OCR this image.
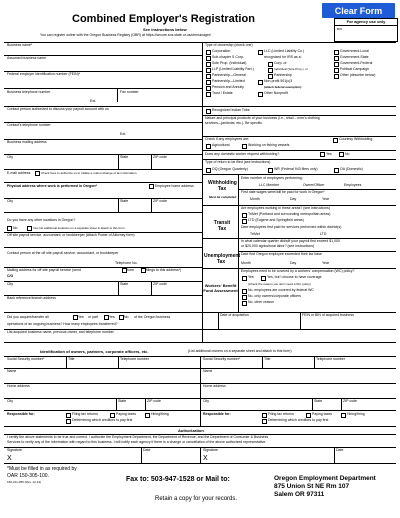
Combined Employer's Registration
See instructions below
You can register online with the Oregon Business Registry (OBR) at https://secure.sos.state.or.us/cbrmanager/
Clear Form
For agency use only
BIN
Business name*
Assumed business name
Federal employer identification number (FEIN)*
Business telephone number	Fax number
Ext.
Contact person authorized to discuss your payroll account with us
Contact's telephone number
Ext.
Business mailing address
City	State	ZIP code
E-mail address	Check here to authorize us to initiate e-mail exchange of tax information.
Physical address where work is performed in Oregon*	Employee home address
City	State	ZIP code
Do you have any other locations in Oregon?
No	Yes; list additional locations on a separate sheet & attach to this form
Off site payroll service, accountant, or bookkeeper (Attach Power of Attorney form)
Contact person at the off site payroll service, accountant, or bookkeeper
Telephone No.
Mailing address for off site payroll service (send	form	filings to this address*)
C/O
City	State	ZIP code
Bank reference/branch address
Did you acquire/transfer all	Yes or part	Yes	No of the Oregon business
operations of an ongoing business? How many employees transferred?
Date of acquisition	FEIN or BIN of acquired business
List acquired business name, previous owner, and telephone number
Type of ownership (check one)
Corporation
Sub-chapter S Corp.
Sole Prop. (Individual)
LLP (Limited Liability Part.)
Partnership—General
Partnership—Limited
Pension and Annuity
Trust / Estate
LLC (Limited Liability Co.)
recognized for IRS as a:
Corp. or
Individual (Sole Prop.), or
Partnership
Non-profit 501(c)3
(attach federal exemption)
Other Nonprofit
Government-Local
Government-State
Government-Federal
Political Campaign
Other (describe below)
Recognized Indian Tribe
Nature and principal products of your business (i.e., retail – men's clothing
services—janitorial, etc.). Be specific.
Check if any employees are:	Courtesy Withholding
Agricultural	Working on fishing vessels
Does any domestic worker request withholding?	Yes	No
Type of return to be filed (see instructions)
OQ (Oregon Quarterly)	WR (Federal 943 filers only)	OA (Domestic)
Withholding Tax
Must be completed
Enter number of employees performing:
LLC Member	Owner/Officer	Employees
First date wages were/will be paid for work in Oregon*
Month	Day	Year
Transit Tax
Are employees working in these areas? (see instructions)
TriMet (Portland and surrounding metropolitan areas)
LTD (Eugene and Springfield areas)
Date employees first paid for services performed within district(s)
TriMet	LTD
Unemployment Tax
In what calendar quarter did/will your payroll first exceed $1,000
or $20,000 agricultural labor? (see instructions)
Date first Oregon employee exceeded their tax base
Month	Day	Year
Workers' Benefit Fund Assessment
Employees need to be covered by a workers' compensation (WC) policy?
Yes	Yes, but I choose to have coverage
(Check the reason you don't need a WC policy)
No, employees are covered by federal WC
No, only owners/corporate officers
No, other reason
Identification of owners, partners, corporate officers, etc.	(List additional owners on a separate sheet and attach to this form)
Social Security number*	Title	Telephone number
Name
Home address
City	State	ZIP code
Social Security number*	Title	Telephone number
Name
Home address
City	State	ZIP code
Responsible for:	Filing tax returns	Paying taxes	Hiring/firing
Determining which creditors to pay first
Responsible for:	Filing tax returns	Paying taxes	Hiring/firing
Determining which creditors to pay first
Authorization
I certify the above statements to be true and correct. I authorize the Employment Department, the Department of Revenue, and the Department of Consumer & Business
Services to verify any of the information with regard to this business. I will notify each agency if there is a change or cancellation of the above authorized representative.
Signature	Date	Signature	Date
X	X
*Must be filled in as required by
OAR 150-305-100.
150-211-055 (Rev. 12-13)	Fax to: 503-947-1528 or Mail to:
Retain a copy for your records.
Oregon Employment Department
875 Union St NE Rm 107
Salem OR 97311
